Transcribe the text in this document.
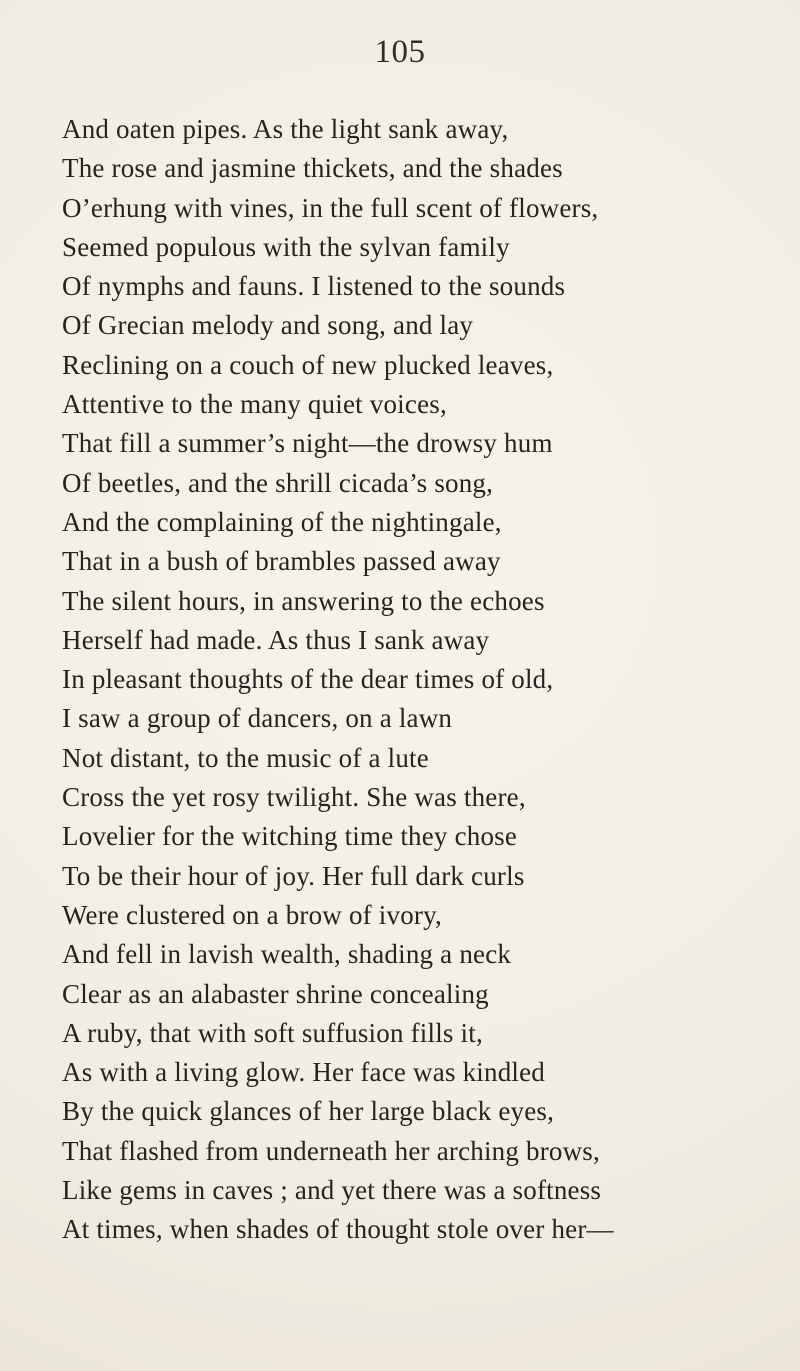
105
And oaten pipes. As the light sank away,
The rose and jasmine thickets, and the shades
O’erhung with vines, in the full scent of flowers,
Seemed populous with the sylvan family
Of nymphs and fauns. I listened to the sounds
Of Grecian melody and song, and lay
Reclining on a couch of new plucked leaves,
Attentive to the many quiet voices,
That fill a summer’s night—the drowsy hum
Of beetles, and the shrill cicada’s song,
And the complaining of the nightingale,
That in a bush of brambles passed away
The silent hours, in answering to the echoes
Herself had made. As thus I sank away
In pleasant thoughts of the dear times of old,
I saw a group of dancers, on a lawn
Not distant, to the music of a lute
Cross the yet rosy twilight. She was there,
Lovelier for the witching time they chose
To be their hour of joy. Her full dark curls
Were clustered on a brow of ivory,
And fell in lavish wealth, shading a neck
Clear as an alabaster shrine concealing
A ruby, that with soft suffusion fills it,
As with a living glow. Her face was kindled
By the quick glances of her large black eyes,
That flashed from underneath her arching brows,
Like gems in caves ; and yet there was a softness
At times, when shades of thought stole over her—
